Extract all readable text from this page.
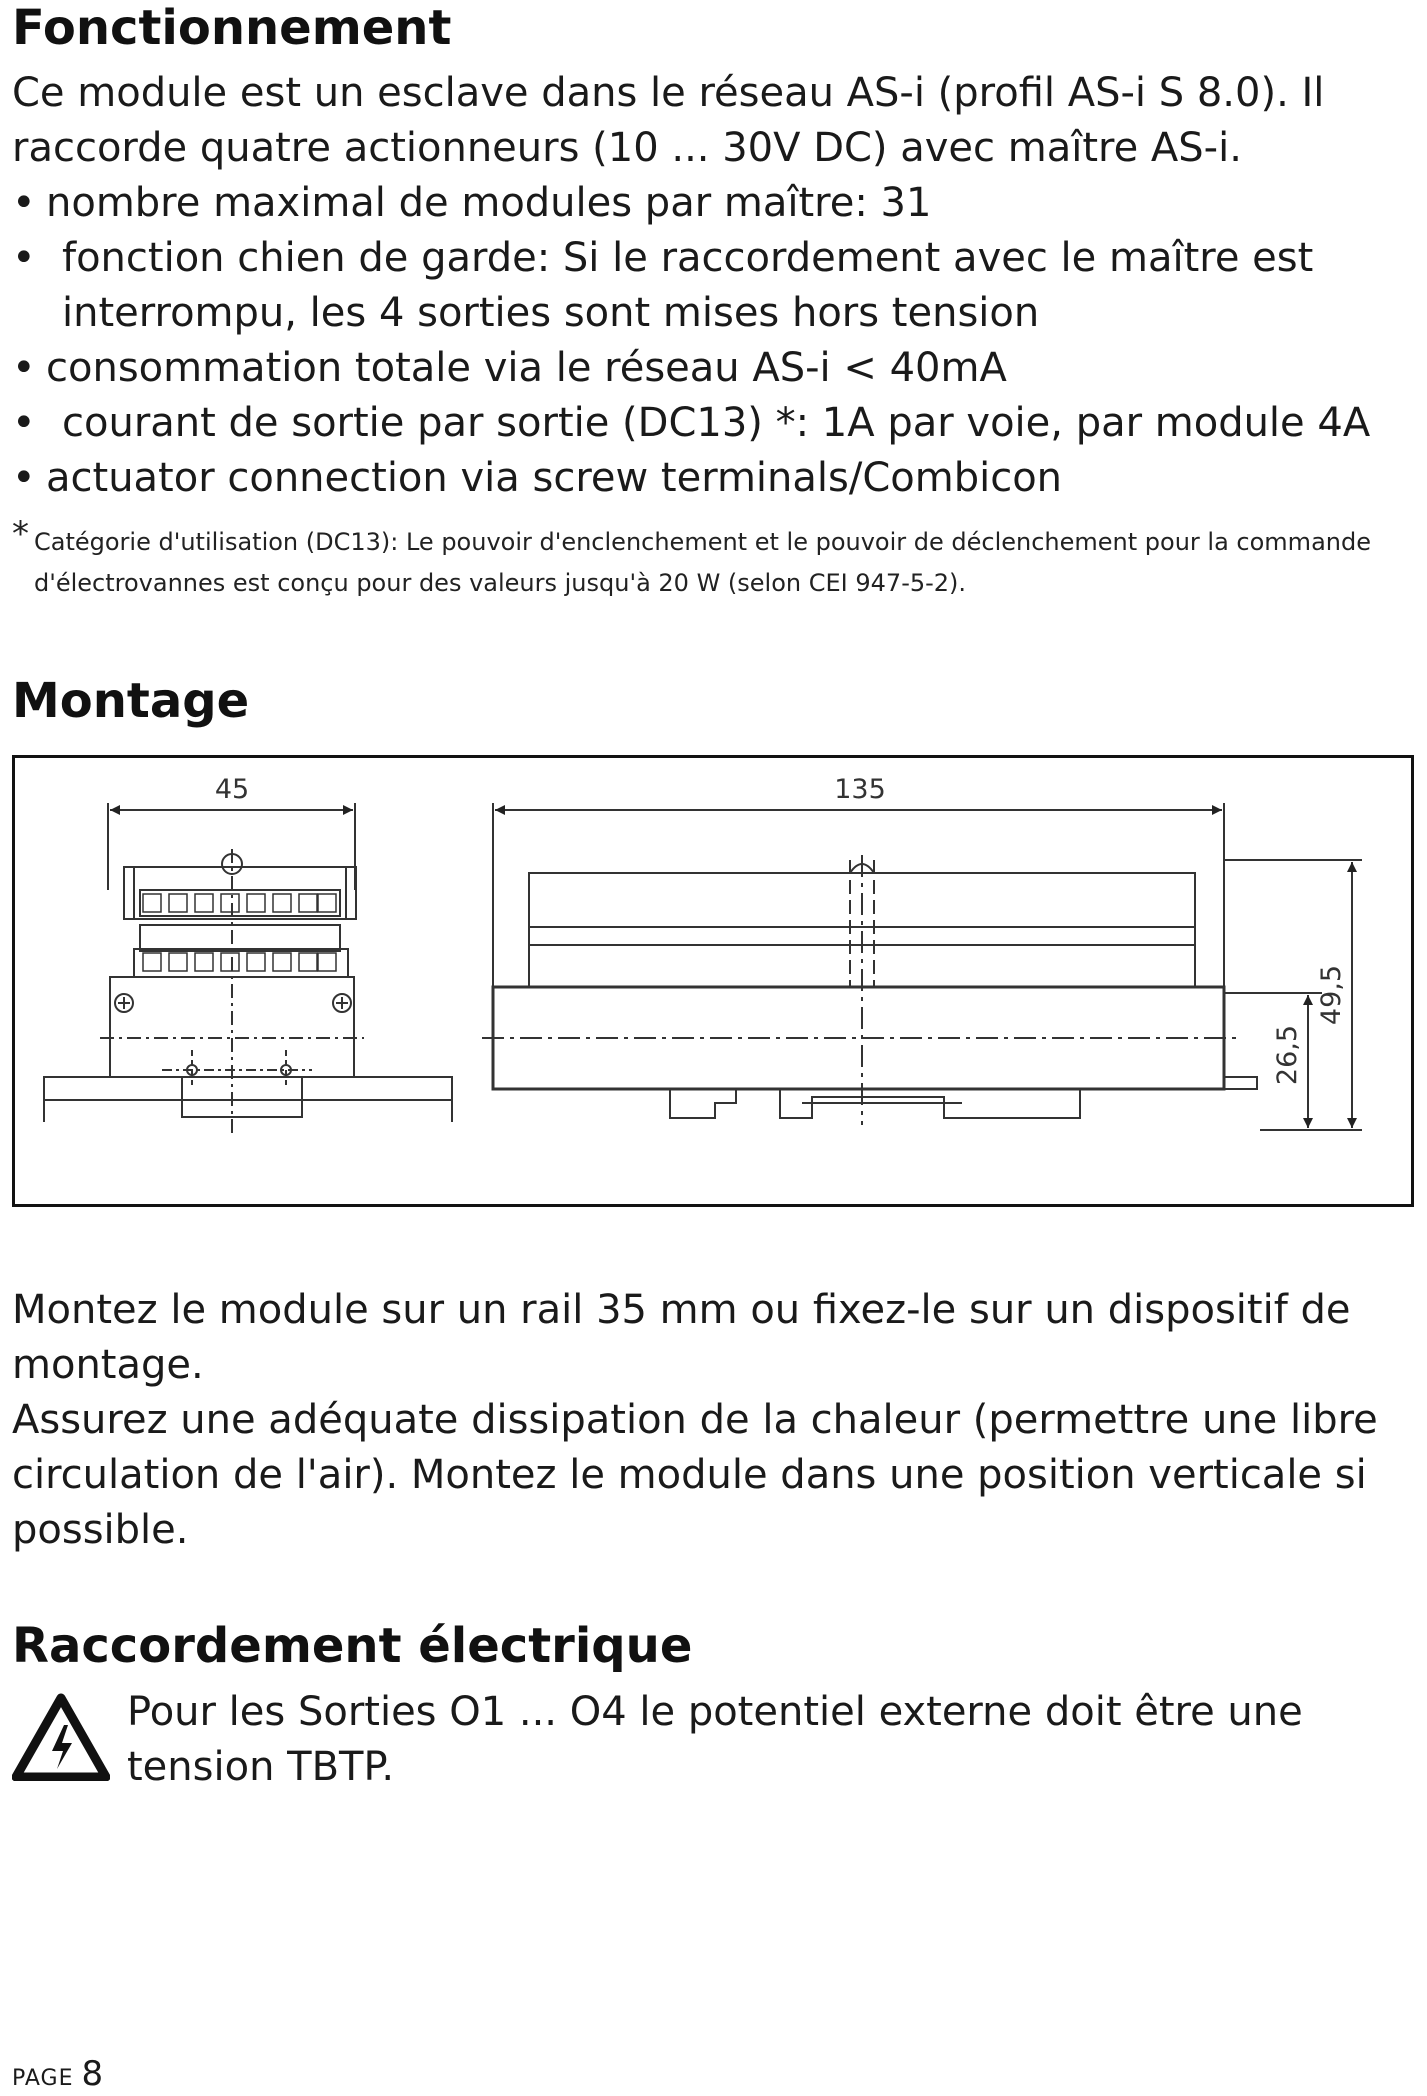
Fonctionnement

Ce module est un esclave dans le réseau AS-i (profil AS-i S 8.0). Il raccorde quatre actionneurs (10 ... 30V DC) avec maître AS-i.

• nombre maximal de modules par maître: 31
• fonction chien de garde: Si le raccordement avec le maître est interrompu, les 4 sorties sont mises hors tension
• consommation totale via le réseau AS-i < 40mA
• courant de sortie par sortie (DC13) *: 1A par voie, par module 4A
• actuator connection via screw terminals/Combicon
* Catégorie d'utilisation (DC13): Le pouvoir d'enclenchement et le pouvoir de déclenchement pour la commande d'électrovannes est conçu pour des valeurs jusqu'à 20 W (selon CEI 947-5-2).
Montage
45	135
26,5
49,5

Montez le module sur un rail 35 mm ou fixez-le sur un dispositif de montage.

Assurez une adéquate dissipation de la chaleur (permettre une libre circulation de l'air). Montez le module dans une position verticale si possible.

Raccordement électrique

Pour les Sorties O1 ... O4 le potentiel externe doit être une tension TBTP.

PAGE 8
